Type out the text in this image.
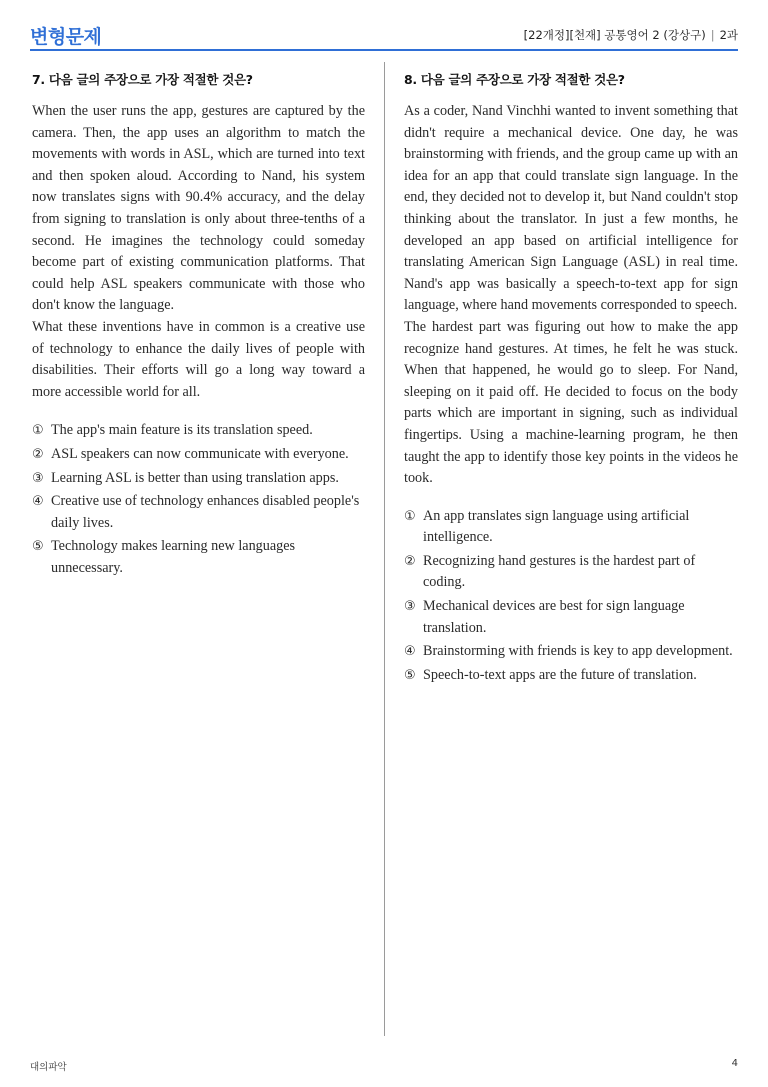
변형문제	[22개정][천재] 공통영어 2 (강상구) | 2과
7. 다음 글의 주장으로 가장 적절한 것은?

When the user runs the app, gestures are captured by the camera. Then, the app uses an algorithm to match the movements with words in ASL, which are turned into text and then spoken aloud. According to Nand, his system now translates signs with 90.4% accuracy, and the delay from signing to translation is only about three-tenths of a second. He imagines the technology could someday become part of existing communication platforms. That could help ASL speakers communicate with those who don't know the language.

What these inventions have in common is a creative use of technology to enhance the daily lives of people with disabilities. Their efforts will go a long way toward a more accessible world for all.

① The app's main feature is its translation speed.
② ASL speakers can now communicate with everyone.
③ Learning ASL is better than using translation apps.
④ Creative use of technology enhances disabled people's daily lives.
⑤ Technology makes learning new languages unnecessary.
8. 다음 글의 주장으로 가장 적절한 것은?

As a coder, Nand Vinchhi wanted to invent something that didn't require a mechanical device. One day, he was brainstorming with friends, and the group came up with an idea for an app that could translate sign language. In the end, they decided not to develop it, but Nand couldn't stop thinking about the translator. In just a few months, he developed an app based on artificial intelligence for translating American Sign Language (ASL) in real time. Nand's app was basically a speech-to-text app for sign language, where hand movements corresponded to speech.

The hardest part was figuring out how to make the app recognize hand gestures. At times, he felt he was stuck. When that happened, he would go to sleep. For Nand, sleeping on it paid off. He decided to focus on the body parts which are important in signing, such as individual fingertips. Using a machine-learning program, he then taught the app to identify those key points in the videos he took.

① An app translates sign language using artificial intelligence.
② Recognizing hand gestures is the hardest part of coding.
③ Mechanical devices are best for sign language translation.
④ Brainstorming with friends is key to app development.
⑤ Speech-to-text apps are the future of translation.
대의파악	4
